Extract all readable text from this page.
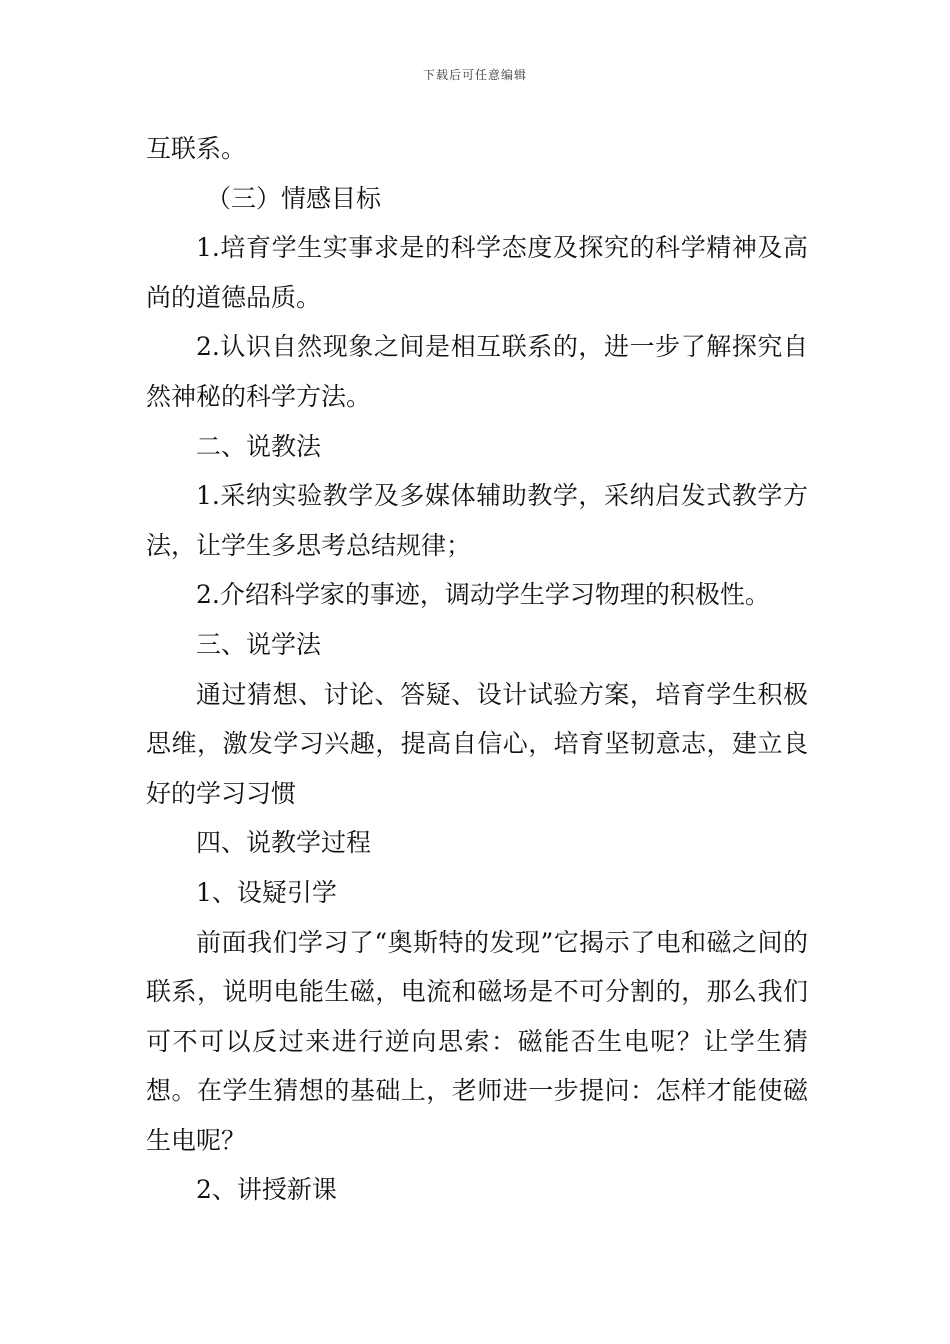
下载后可任意编辑

互联系。

（三）情感目标

1.培育学生实事求是的科学态度及探究的科学精神及高尚的道德品质。

2.认识自然现象之间是相互联系的，进一步了解探究自然神秘的科学方法。

二、说教法

1.采纳实验教学及多媒体辅助教学，采纳启发式教学方法，让学生多思考总结规律；

2.介绍科学家的事迹，调动学生学习物理的积极性。

三、说学法

通过猜想、讨论、答疑、设计试验方案，培育学生积极思维，激发学习兴趣，提高自信心，培育坚韧意志，建立良好的学习习惯

四、说教学过程

1、设疑引学

前面我们学习了“奥斯特的发现”它揭示了电和磁之间的联系，说明电能生磁，电流和磁场是不可分割的，那么我们可不可以反过来进行逆向思索：磁能否生电呢？让学生猜想。在学生猜想的基础上，老师进一步提问：怎样才能使磁生电呢？

2、讲授新课
